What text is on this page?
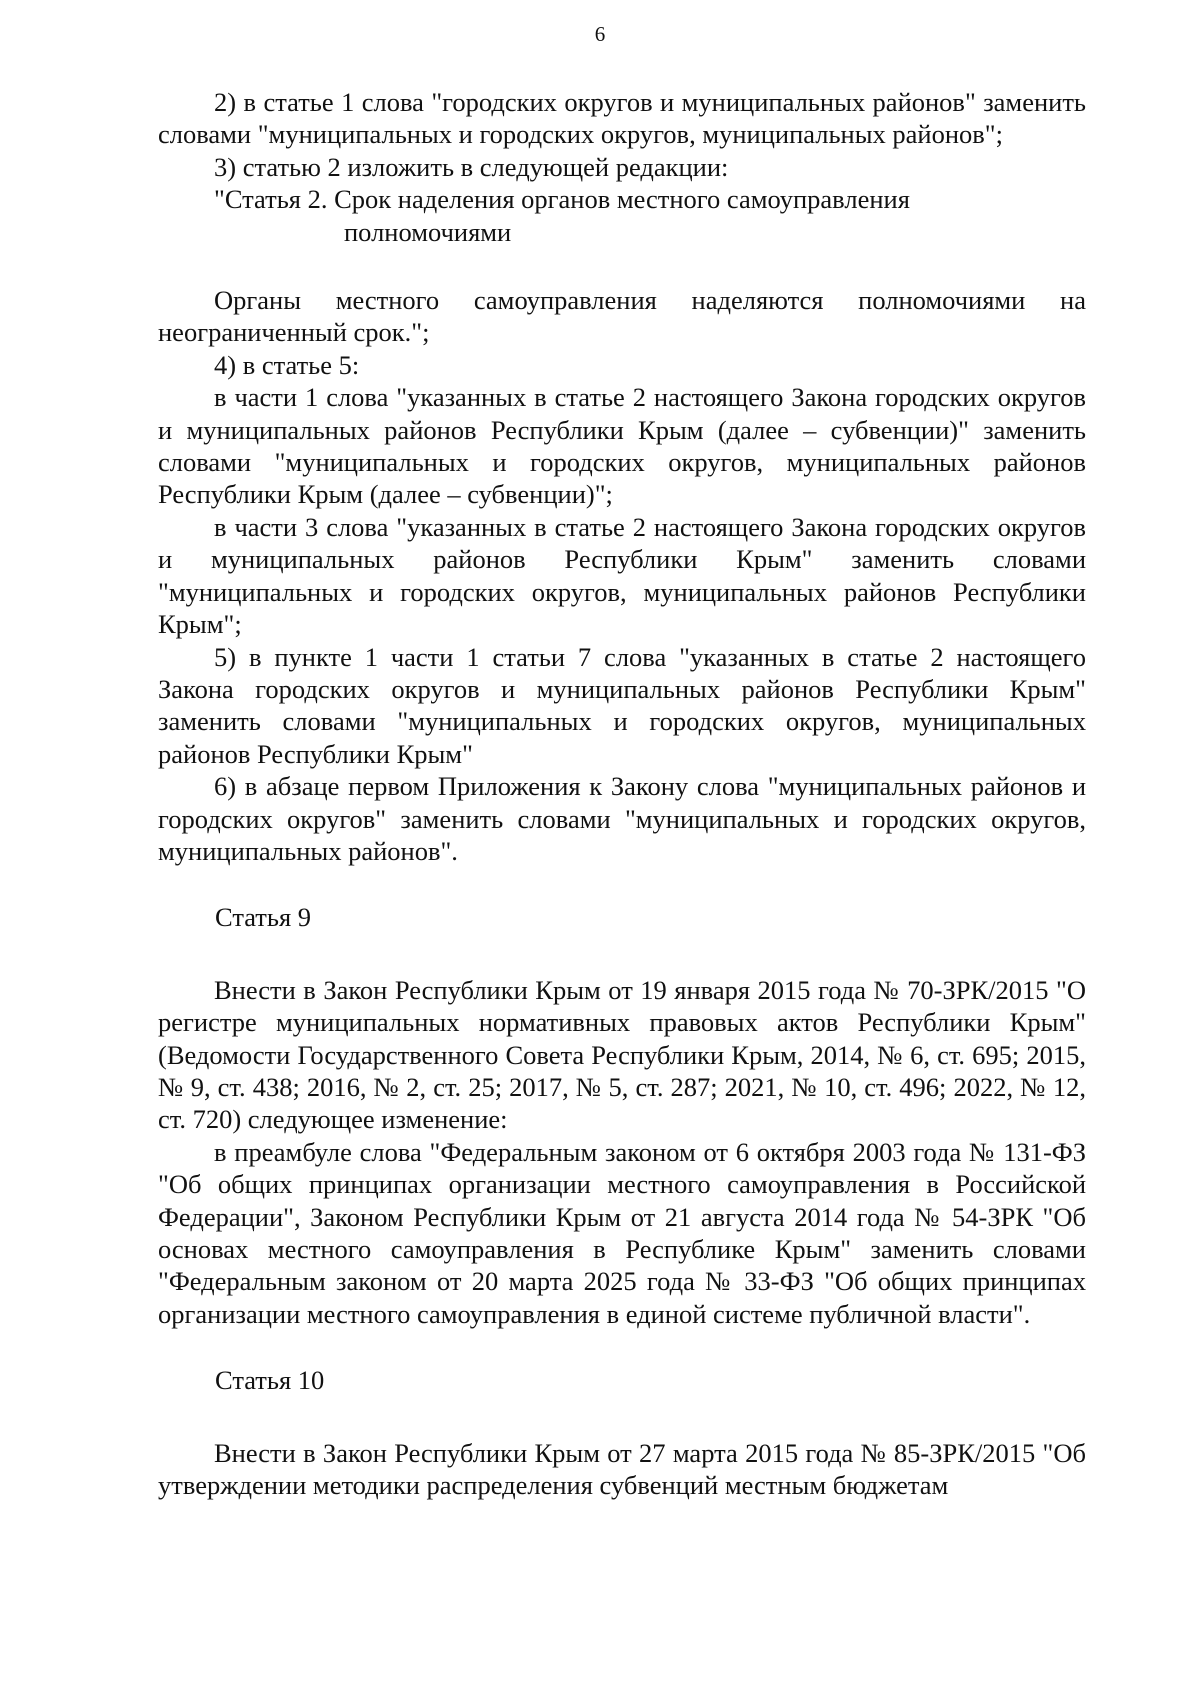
6

2) в статье 1 слова "городских округов и муниципальных районов" заменить словами "муниципальных и городских округов, муниципальных районов";

3) статью 2 изложить в следующей редакции:

"Статья 2. Срок наделения органов местного самоуправления

полномочиями

Органы местного самоуправления наделяются полномочиями на неограниченный срок.";

4) в статье 5:

в части 1 слова "указанных в статье 2 настоящего Закона городских округов и муниципальных районов Республики Крым (далее – субвенции)" заменить словами "муниципальных и городских округов, муниципальных районов Республики Крым (далее – субвенции)";

в части 3 слова "указанных в статье 2 настоящего Закона городских округов и муниципальных районов Республики Крым" заменить словами "муниципальных и городских округов, муниципальных районов Республики Крым";

5) в пункте 1 части 1 статьи 7 слова "указанных в статье 2 настоящего Закона городских округов и муниципальных районов Республики Крым" заменить словами "муниципальных и городских округов, муниципальных районов Республики Крым"

6) в абзаце первом Приложения к Закону слова "муниципальных районов и городских округов" заменить словами "муниципальных и городских округов, муниципальных районов".

Статья 9

Внести в Закон Республики Крым от 19 января 2015 года № 70-ЗРК/2015 "О регистре муниципальных нормативных правовых актов Республики Крым" (Ведомости Государственного Совета Республики Крым, 2014, № 6, ст. 695; 2015, № 9, ст. 438; 2016, № 2, ст. 25; 2017, № 5, ст. 287; 2021, № 10, ст. 496; 2022, № 12, ст. 720) следующее изменение:

в преамбуле слова "Федеральным законом от 6 октября 2003 года № 131-ФЗ "Об общих принципах организации местного самоуправления в Российской Федерации", Законом Республики Крым от 21 августа 2014 года № 54-ЗРК "Об основах местного самоуправления в Республике Крым" заменить словами "Федеральным законом от 20 марта 2025 года № 33-ФЗ "Об общих принципах организации местного самоуправления в единой системе публичной власти".

Статья 10

Внести в Закон Республики Крым от 27 марта 2015 года № 85-ЗРК/2015 "Об утверждении методики распределения субвенций местным бюджетам
